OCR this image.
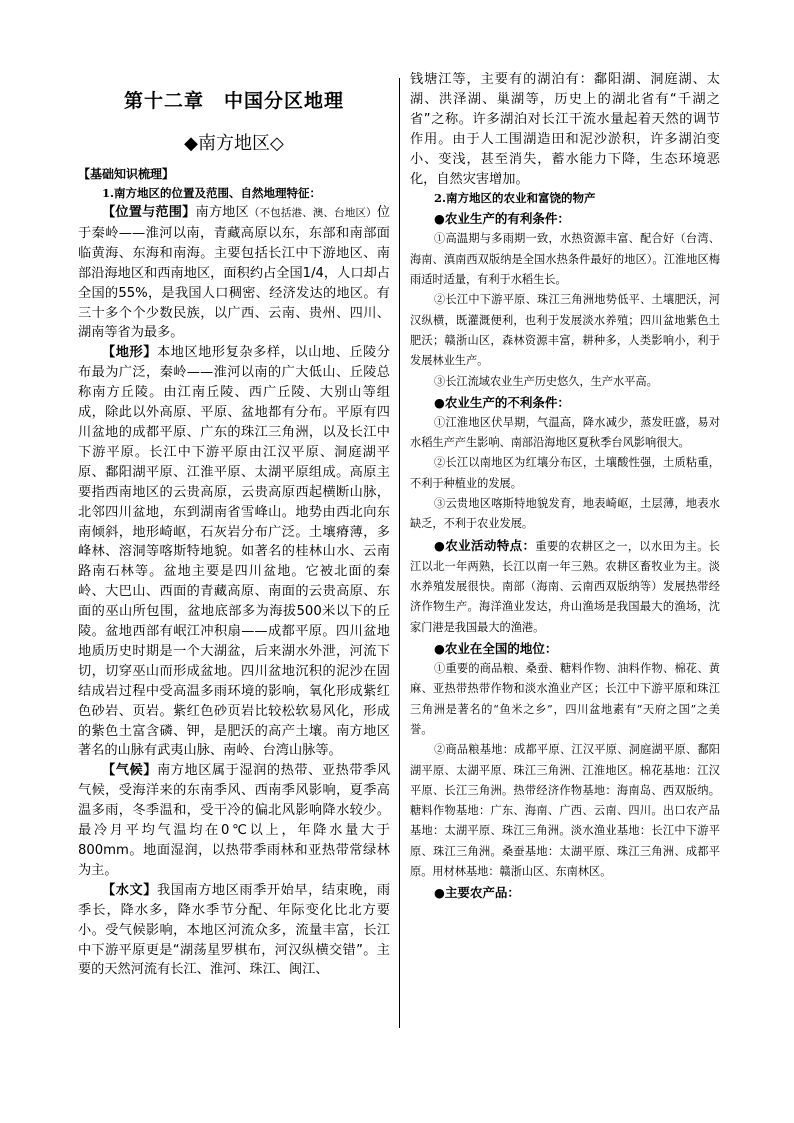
第十二章　中国分区地理
◆南方地区◇
【基础知识梳理】
1.南方地区的位置及范围、自然地理特征：

【位置与范围】南方地区（不包括港、澳、台地区）位于秦岭——淮河以南，青藏高原以东，东部和南部面临黄海、东海和南海。主要包括长江中下游地区、南部沿海地区和西南地区，面积约占全国1/4，人口却占全国的55%，是我国人口稠密、经济发达的地区。有三十多个个少数民族，以广西、云南、贵州、四川、湖南等省为最多。

【地形】本地区地形复杂多样，以山地、丘陵分布最为广泛，秦岭——淮河以南的广大低山、丘陵总称南方丘陵。由江南丘陵、西广丘陵、大别山等组成，除此以外高原、平原、盆地都有分布。平原有四川盆地的成都平原、广东的珠江三角洲，以及长江中下游平原。长江中下游平原由江汉平原、洞庭湖平原、鄱阳湖平原、江淮平原、太湖平原组成。高原主要指西南地区的云贵高原，云贵高原西起横断山脉，北邻四川盆地，东到湖南省雪峰山。地势由西北向东南倾斜，地形崎岖，石灰岩分布广泛。土壤瘠薄，多峰林、溶洞等喀斯特地貌。如著名的桂林山水、云南路南石林等。盆地主要是四川盆地。它被北面的秦岭、大巴山、西面的青藏高原、南面的云贵高原、东面的巫山所包围，盆地底部多为海拔500米以下的丘陵。盆地西部有岷江冲积扇——成都平原。四川盆地地质历史时期是一个大湖盆，后来湖水外泄，河流下切，切穿巫山而形成盆地。四川盆地沉积的泥沙在固结成岩过程中受高温多雨环境的影响，氧化形成紫红色砂岩、页岩。紫红色砂页岩比较松软易风化，形成的紫色土富含磷、钾，是肥沃的高产土壤。南方地区著名的山脉有武夷山脉、南岭、台湾山脉等。

【气候】南方地区属于湿润的热带、亚热带季风气候，受海洋来的东南季风、西南季风影响，夏季高温多雨，冬季温和，受干冷的偏北风影响降水较少。最冷月平均气温均在0℃以上，年降水量大于800mm。地面湿润，以热带季雨林和亚热带常绿林为主。

【水文】我国南方地区雨季开始早，结束晚，雨季长，降水多，降水季节分配、年际变化比北方要小。受气候影响，本地区河流众多，流量丰富，长江中下游平原更是“湖荡星罗棋布，河汉纵横交错”。主要的天然河流有长江、淮河、珠江、闽江、

钱塘江等，主要有的湖泊有：鄱阳湖、洞庭湖、太湖、洪泽湖、巢湖等，历史上的湖北省有“千湖之省”之称。许多湖泊对长江干流水量起着天然的调节作用。由于人工围湖造田和泥沙淤积，许多湖泊变小、变浅，甚至消失，蓄水能力下降，生态环境恶化，自然灾害增加。

2.南方地区的农业和富饶的物产
●农业生产的有利条件：

①高温期与多雨期一致，水热资源丰富、配合好（台湾、海南、滇南西双版纳是全国水热条件最好的地区）。江淮地区梅雨适时适量，有利于水稻生长。

②长江中下游平原、珠江三角洲地势低平、土壤肥沃，河汉纵横，既灌溉便利，也利于发展淡水养殖；四川盆地紫色土肥沃；赣浙山区，森林资源丰富，耕种多，人类影响小，利于发展林业生产。

③长江流域农业生产历史悠久，生产水平高。

●农业生产的不利条件：

①江淮地区伏旱期，气温高，降水减少，蒸发旺盛，易对水稻生产产生影响、南部沿海地区夏秋季台风影响很大。

②长江以南地区为红壤分布区，土壤酸性强，土质粘重，不利于种植业的发展。

③云贵地区喀斯特地貌发育，地表崎岖，土层薄，地表水缺乏，不利于农业发展。

●农业活动特点：重要的农耕区之一，以水田为主。长江以北一年两熟，长江以南一年三熟。农耕区畜牧业为主。淡水养殖发展很快。南部（海南、云南西双版纳等）发展热带经济作物生产。海洋渔业发达，舟山渔场是我国最大的渔场，沈家门港是我国最大的渔港。

●农业在全国的地位：

①重要的商品粮、桑蚕、糖料作物、油料作物、棉花、黄麻、亚热带热带作物和淡水渔业产区；长江中下游平原和珠江三角洲是著名的“鱼米之乡”，四川盆地素有“天府之国”之美誉。

②商品粮基地：成都平原、江汉平原、洞庭湖平原、鄱阳湖平原、太湖平原、珠江三角洲、江淮地区。棉花基地：江汉平原、长江三角洲。热带经济作物基地：海南岛、西双版纳。糖料作物基地：广东、海南、广西、云南、四川。出口农产品基地：太湖平原、珠江三角洲。淡水渔业基地：长江中下游平原、珠江三角洲。桑蚕基地：太湖平原、珠江三角洲、成都平原。用材林基地：赣浙山区、东南林区。

●主要农产品：
